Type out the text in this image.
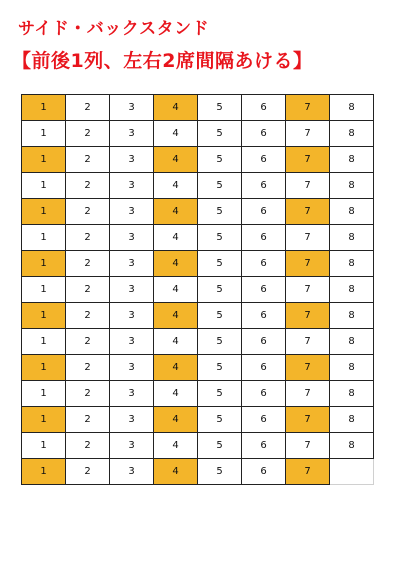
サイド・バックスタンド
【前後1列、左右2席間隔あける】
1	2	3	4	5	6	7	8
1	2	3	4	5	6	7	8
1	2	3	4	5	6	7	8
1	2	3	4	5	6	7	8
1	2	3	4	5	6	7	8
1	2	3	4	5	6	7	8
1	2	3	4	5	6	7	8
1	2	3	4	5	6	7	8
1	2	3	4	5	6	7	8
1	2	3	4	5	6	7	8
1	2	3	4	5	6	7	8
1	2	3	4	5	6	7	8
1	2	3	4	5	6	7	8
1	2	3	4	5	6	7	8
1	2	3	4	5	6	7	
